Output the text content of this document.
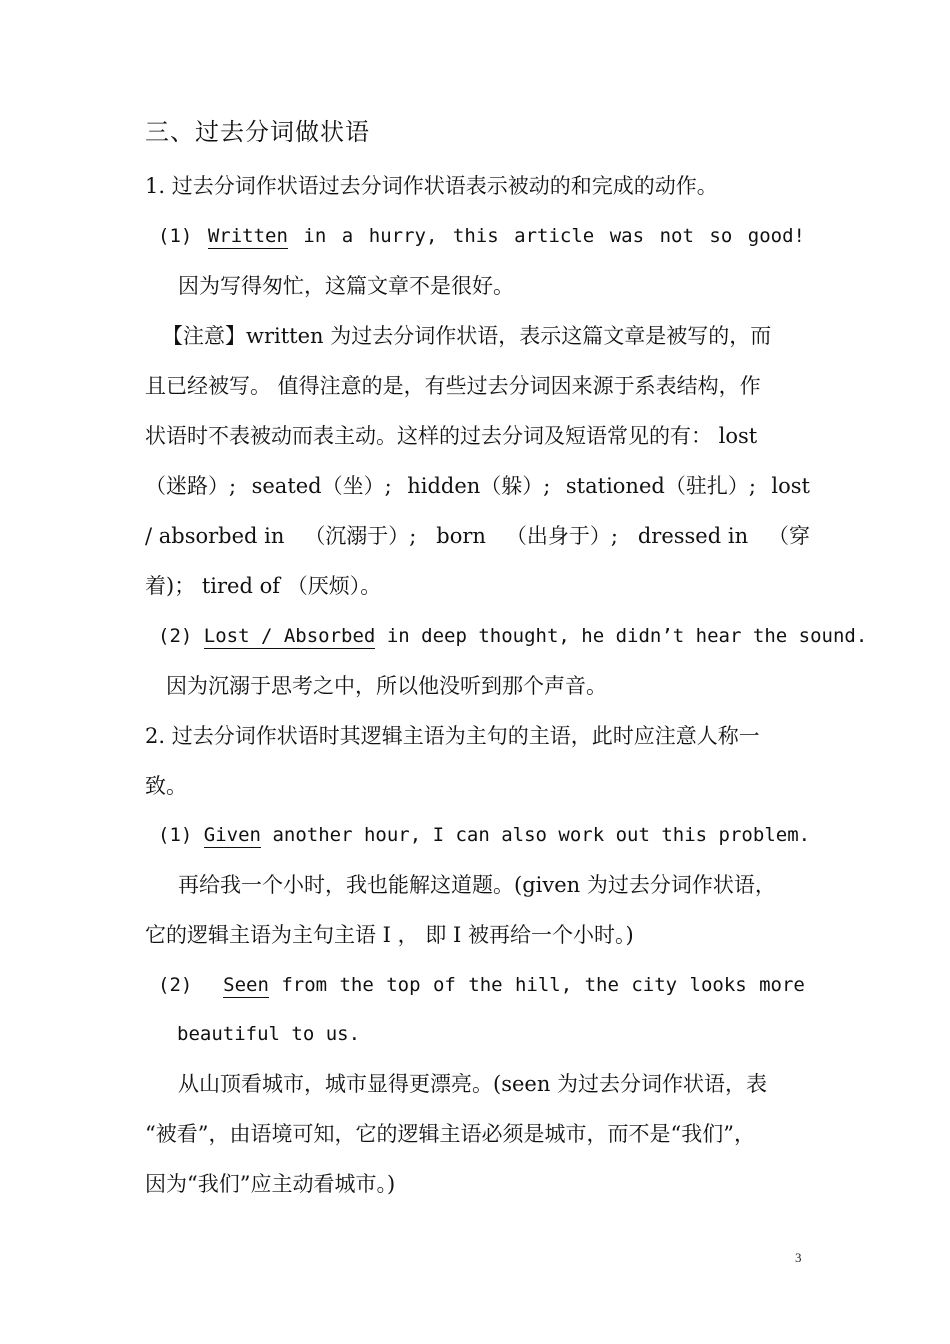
三、过去分词做状语
1. 过去分词作状语过去分词作状语表示被动的和完成的动作。
(1) Written in a hurry, this article was not so good!
因为写得匆忙，这篇文章不是很好。
【注意】written 为过去分词作状语，表示这篇文章是被写的，而
且已经被写。 值得注意的是，有些过去分词因来源于系表结构，作
状语时不表被动而表主动。这样的过去分词及短语常见的有： lost
（迷路）; seated（坐）; hidden（躲）; stationed（驻扎）; lost
/ absorbed in （沉溺于）; born （出身于）; dressed in （穿
着)； tired of （厌烦）。
(2) Lost / Absorbed in deep thought, he didn’t hear the sound.
因为沉溺于思考之中，所以他没听到那个声音。
2. 过去分词作状语时其逻辑主语为主句的主语，此时应注意人称一
致。
(1) Given another hour, I can also work out this problem.
再给我一个小时，我也能解这道题。(given 为过去分词作状语，
它的逻辑主语为主句主语 I ， 即 I 被再给一个小时。)
(2) Seen from the top of the hill, the city looks more
beautiful to us.
从山顶看城市，城市显得更漂亮。(seen 为过去分词作状语，表
“被看”，由语境可知，它的逻辑主语必须是城市，而不是“我们”，
因为“我们”应主动看城市。)
3
